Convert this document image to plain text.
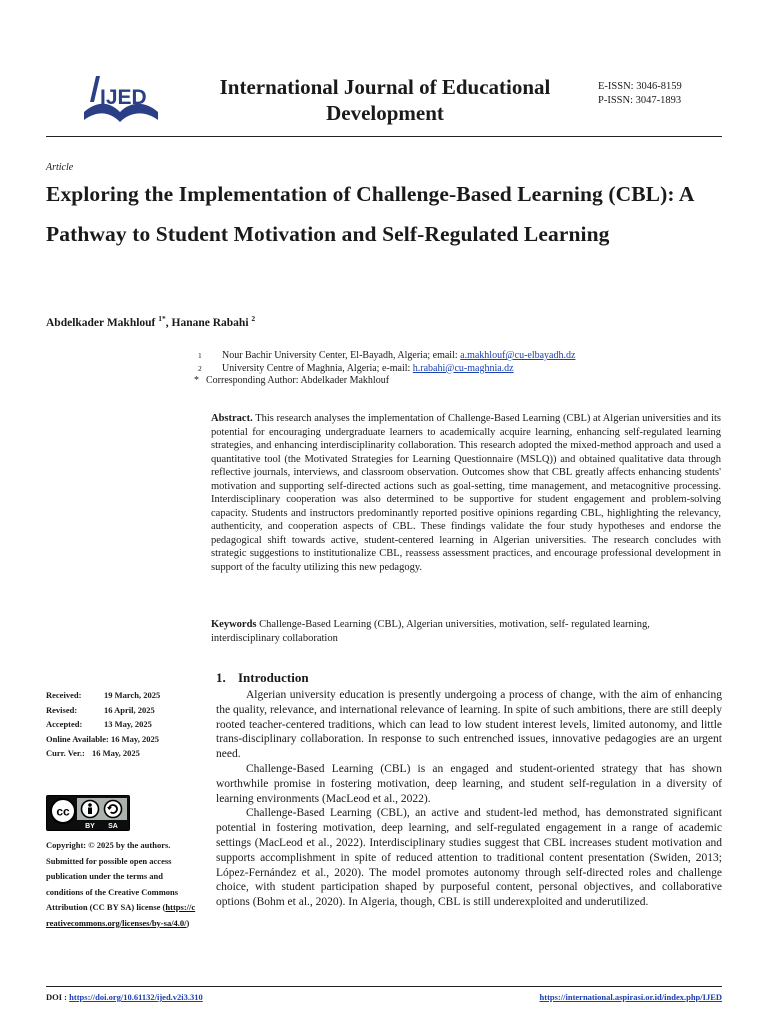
IJED	International Journal of Educational Development
E-ISSN: 3046-8159
P-ISSN: 3047-1893
Article
Exploring the Implementation of Challenge-Based Learning (CBL): A Pathway to Student Motivation and Self-Regulated Learning
Abdelkader Makhlouf $^{1*}$, Hanane Rabahi $^2$
1	Nour Bachir University Center, El-Bayadh, Algeria; email: a.makhlouf@cu-elbayadh.dz
2	University Centre of Maghnia, Algeria; e-mail: h.rabahi@cu-maghnia.dz
* Corresponding Author: Abdelkader Makhlouf
Abstract. This research analyses the implementation of Challenge-Based Learning (CBL) at Algerian universities and its potential for encouraging undergraduate learners to academically acquire learning, enhancing self-regulated learning strategies, and enhancing interdisciplinarity collaboration. This research adopted the mixed-method approach and used a quantitative tool (the Motivated Strategies for Learning Questionnaire (MSLQ)) and obtained qualitative data through reflective journals, interviews, and classroom observation. Outcomes show that CBL greatly affects enhancing students' motivation and supporting self-directed actions such as goal-setting, time management, and metacognitive processing. Interdisciplinary cooperation was also determined to be supportive for student engagement and problem-solving capacity. Students and instructors predominantly reported positive opinions regarding CBL, highlighting the relevancy, authenticity, and cooperation aspects of CBL. These findings validate the four study hypotheses and endorse the pedagogical shift towards active, student-centered learning in Algerian universities. The research concludes with strategic suggestions to institutionalize CBL, reassess assessment practices, and encourage professional development in support of the faculty utilizing this new pedagogy.
Keywords Challenge-Based Learning (CBL), Algerian universities, motivation, self- regulated learning, interdisciplinary collaboration
Received:	19 March, 2025
Revised:	16 April, 2025
Accepted:	13 May, 2025
Online Available: 16 May, 2025
Curr. Ver.: 16 May, 2025
cc
BY SA
Copyright: © 2025 by the authors. Submitted for possible open access publication under the terms and conditions of the Creative Commons Attribution (CC BY SA) license (https://creativecommons.org/licenses/by-sa/4.0/)
1. Introduction

Algerian university education is presently undergoing a process of change, with the aim of enhancing the quality, relevance, and international relevance of learning. In spite of such ambitions, there are still deeply rooted teacher-centered traditions, which can lead to low student interest levels, limited autonomy, and little trans-disciplinary collaboration. In response to such entrenched issues, innovative pedagogies are an urgent need.

Challenge-Based Learning (CBL) is an engaged and student-oriented strategy that has shown worthwhile promise in fostering motivation, deep learning, and student self-regulation in a diversity of learning environments (MacLeod et al., 2022).

Challenge-Based Learning (CBL), an active and student-led method, has demonstrated significant potential in fostering motivation, deep learning, and self-regulated engagement in a range of academic settings (MacLeod et al., 2022). Interdisciplinary studies suggest that CBL increases student motivation and supports accomplishment in spite of reduced attention to traditional content presentation (Swiden, 2013; López-Fernández et al., 2020). The model promotes autonomy through self-directed roles and challenge choice, with student participation shaped by purposeful content, personal objectives, and collaborative options (Bohm et al., 2020). In Algeria, though, CBL is still underexploited and underutilized.

DOI : https://doi.org/10.61132/ijed.v2i3.310	https://international.aspirasi.or.id/index.php/IJED
